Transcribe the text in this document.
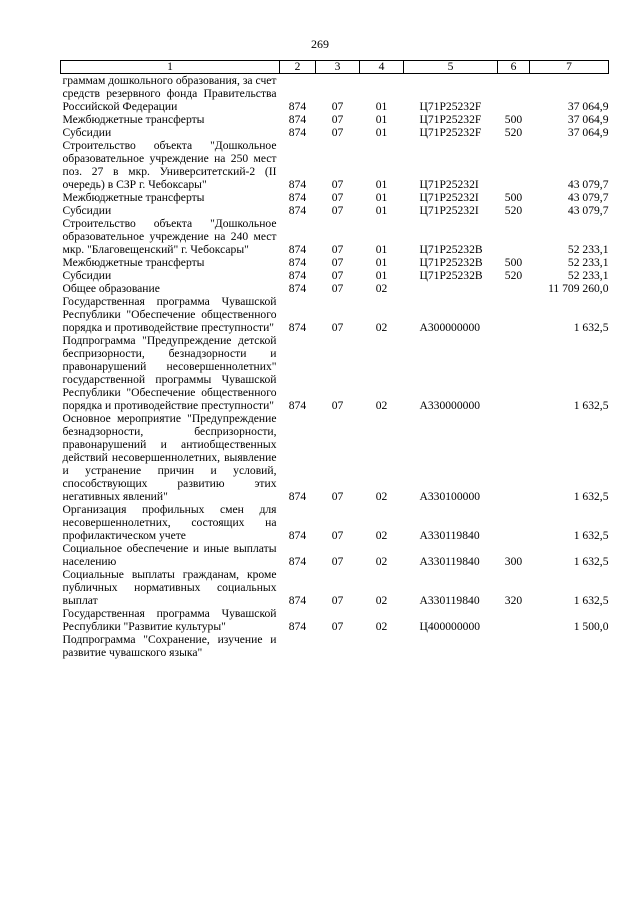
269
1	2	3	4	5	6	7
граммам дошкольного образования, за счет средств резервного фонда Правительства Российской Федерации	874	07	01	Ц71P25232F		37 064,9
Межбюджетные трансферты	874	07	01	Ц71P25232F	500	37 064,9
Субсидии	874	07	01	Ц71P25232F	520	37 064,9
Строительство объекта "Дошкольное образовательное учреждение на 250 мест поз. 27 в мкр. Университетский-2 (II очередь) в СЗР г. Чебоксары"	874	07	01	Ц71P25232I		43 079,7
Межбюджетные трансферты	874	07	01	Ц71P25232I	500	43 079,7
Субсидии	874	07	01	Ц71P25232I	520	43 079,7
Строительство объекта "Дошкольное образовательное учреждение на 240 мест мкр. "Благовещенский" г. Чебоксары"	874	07	01	Ц71P25232B		52 233,1
Межбюджетные трансферты	874	07	01	Ц71P25232B	500	52 233,1
Субсидии	874	07	01	Ц71P25232B	520	52 233,1
Общее образование	874	07	02			11 709 260,0
Государственная программа Чувашской Республики "Обеспечение общественного порядка и противодействие преступности"	874	07	02	А300000000		1 632,5
Подпрограмма "Предупреждение детской беспризорности, безнадзорности и правонарушений несовершеннолетних" государственной программы Чувашской Республики "Обеспечение общественного порядка и противодействие преступности"	874	07	02	А330000000		1 632,5
Основное мероприятие "Предупреждение безнадзорности, беспризорности, правонарушений и антиобщественных действий несовершеннолетних, выявление и устранение причин и условий, способствующих развитию этих негативных явлений"	874	07	02	А330100000		1 632,5
Организация профильных смен для несовершеннолетних, состоящих на профилактическом учете	874	07	02	А330119840		1 632,5
Социальное обеспечение и иные выплаты населению	874	07	02	А330119840	300	1 632,5
Социальные выплаты гражданам, кроме публичных нормативных социальных выплат	874	07	02	А330119840	320	1 632,5
Государственная программа Чувашской Республики "Развитие культуры"	874	07	02	Ц400000000		1 500,0
Подпрограмма "Сохранение, изучение и развитие чувашского языка"						
